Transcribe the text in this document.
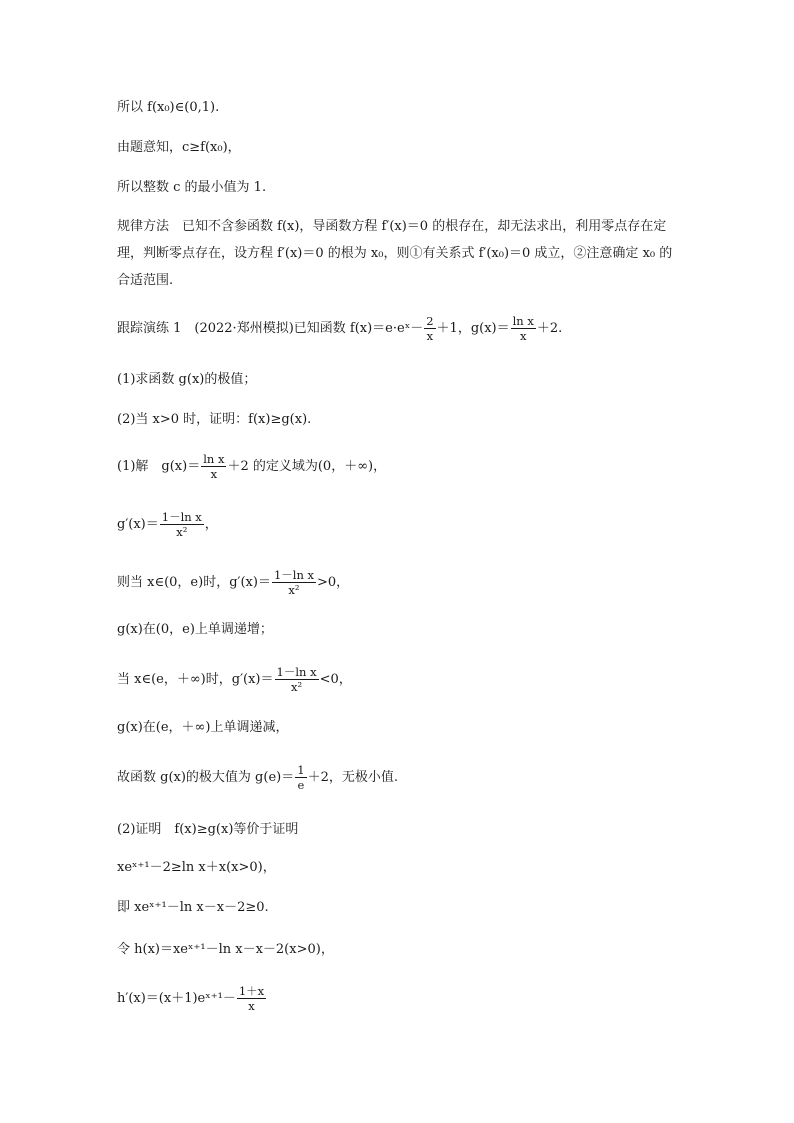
所以 f(x₀)∈(0,1).
由题意知，c≥f(x₀)，
所以整数 c 的最小值为 1.
规律方法　已知不含参函数 f(x)，导函数方程 f′(x)＝0 的根存在，却无法求出，利用零点存在定理，判断零点存在，设方程 f′(x)＝0 的根为 x₀，则①有关系式 f′(x₀)＝0 成立，②注意确定 x₀ 的合适范围.
跟踪演练 1　(2022·郑州模拟)已知函数 f(x)＝e·eˣ－ $\frac{2}{x} +1$，$g(x)= \frac{\text{ln x}}{x} +2$.
(1)求函数 g(x)的极值；
(2)当 x>0 时，证明：f(x)≥g(x).
(1)解　$g(x)= \frac{\text{ln x}}{x} +2$ 的定义域为(0，＋∞)，
$g'(x)= \frac{\text{1－ln x}}{\text{x²}}$ ，
则当 x∈(0，e)时，$g'(x)= \frac{\text{1－ln x}}{\text{x²}} >0$，
g(x)在(0，e)上单调递增；
当 x∈(e，＋∞)时，$g'(x)= \frac{\text{1－ln x}}{\text{x²}} <0$，
g(x)在(e，＋∞)上单调递减，
故函数 g(x)的极大值为 $g(e)= \frac{1}{e} +2$，无极小值.
(2)证明　f(x)≥g(x)等价于证明
xeˣ⁺¹－2≥ln x＋x(x>0)，
即 xeˣ⁺¹－ln x－x－2≥0.
令 h(x)＝xeˣ⁺¹－ln x－x－2(x>0)，
h′(x)＝(x＋1)eˣ⁺¹－ $\frac{1+x}{x}$
